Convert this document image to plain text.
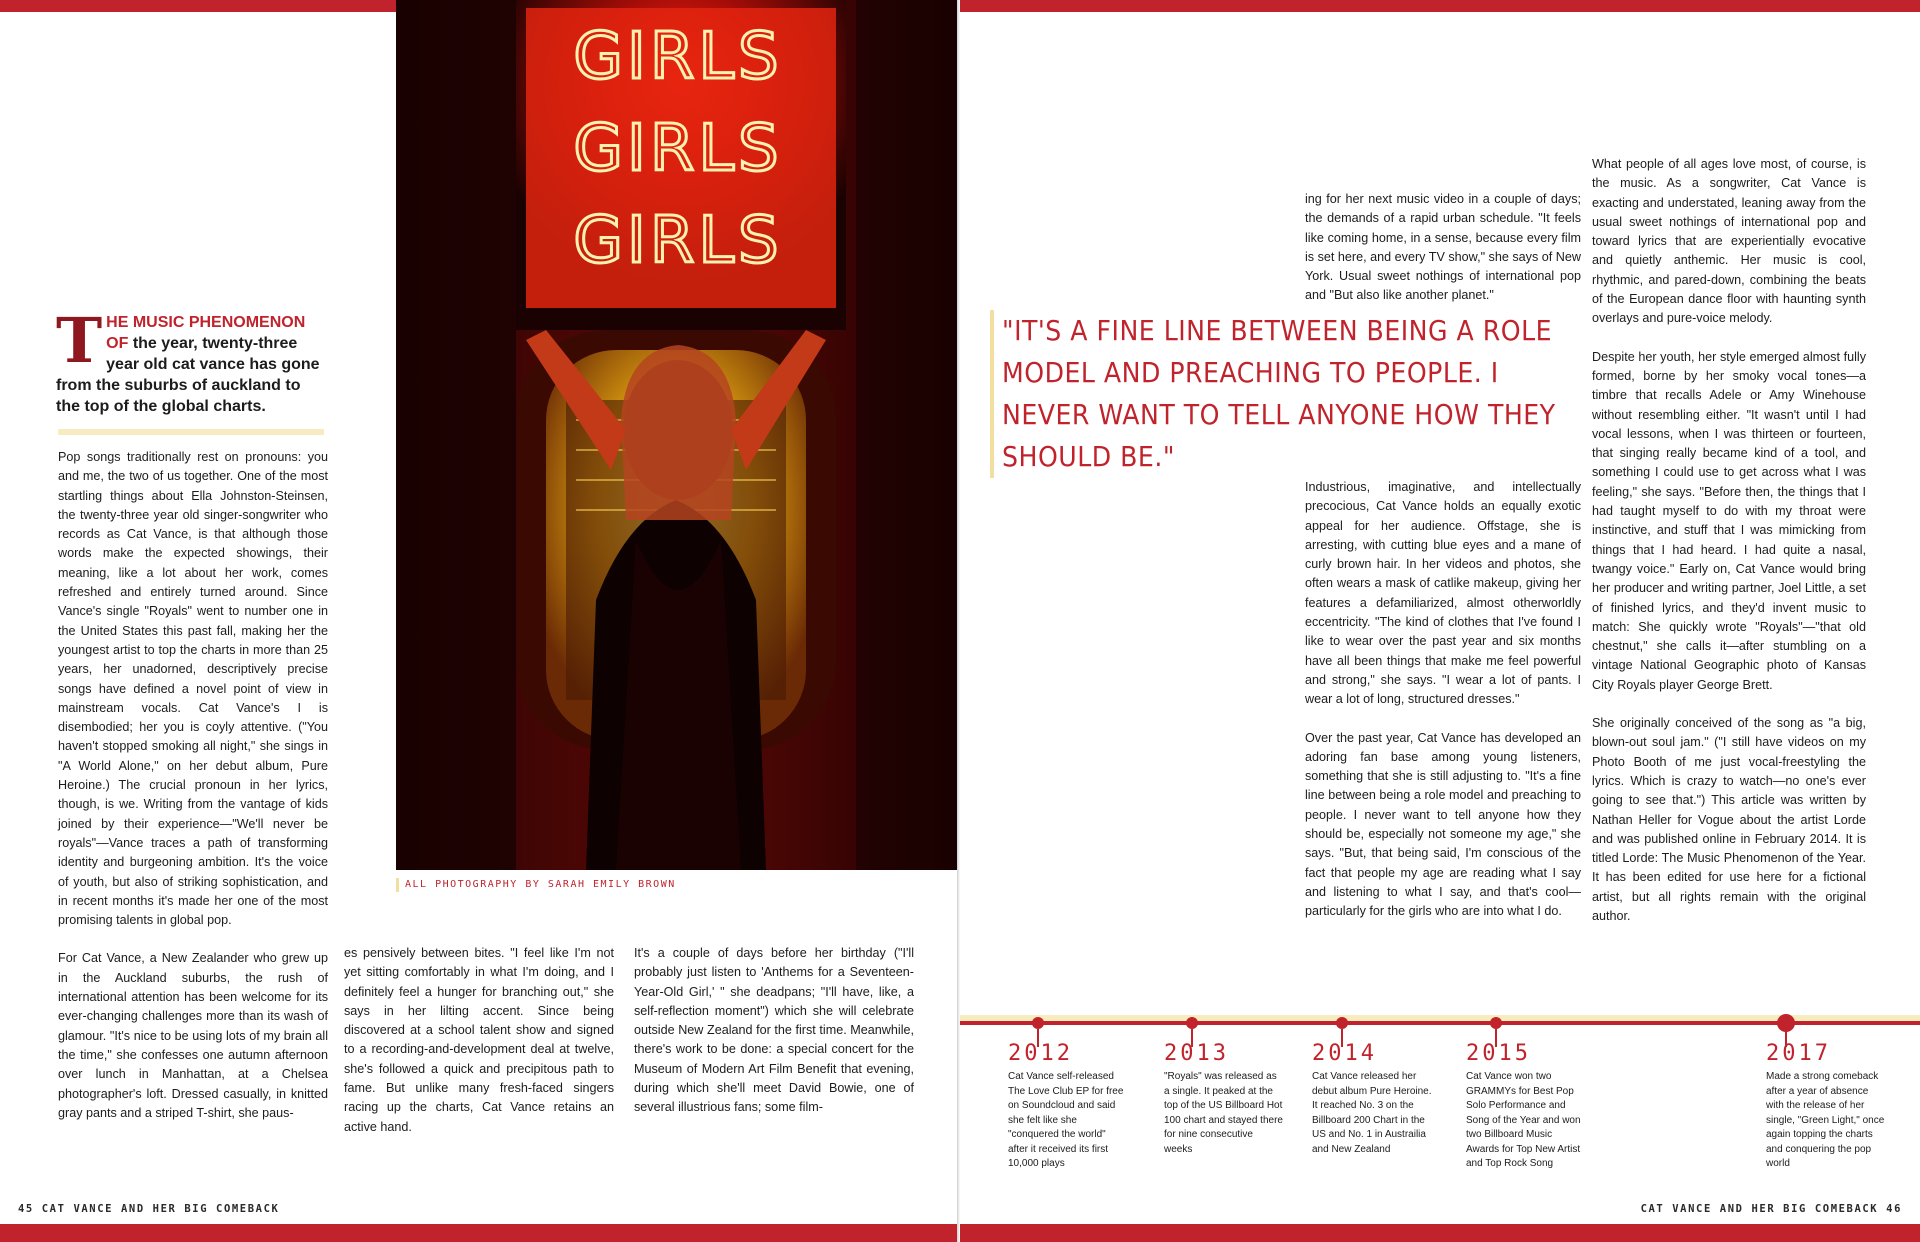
T HE MUSIC PHENOMENON OF the year, twenty-three year old cat vance has gone from the suburbs of auckland to the top of the global charts.

Pop songs traditionally rest on pronouns: you and me, the two of us together. One of the most startling things about Ella Johnston-Steinsen, the twenty-three year old singer-songwriter who records as Cat Vance, is that although those words make the expected showings, their meaning, like a lot about her work, comes refreshed and entirely turned around. Since Vance's single "Royals" went to number one in the United States this past fall, making her the youngest artist to top the charts in more than 25 years, her unadorned, descriptively precise songs have defined a novel point of view in mainstream vocals. Cat Vance's I is disembodied; her you is coyly attentive. ("You haven't stopped smoking all night," she sings in "A World Alone," on her debut album, Pure Heroine.) The crucial pronoun in her lyrics, though, is we. Writing from the vantage of kids joined by their experience—"We'll never be royals"—Vance traces a path of transforming identity and burgeoning ambition. It's the voice of youth, but also of striking sophistication, and in recent months it's made her one of the most promising talents in global pop.

For Cat Vance, a New Zealander who grew up in the Auckland suburbs, the rush of international attention has been welcome for its ever-changing challenges more than its wash of glamour. "It's nice to be using lots of my brain all the time," she confesses one autumn afternoon over lunch in Manhattan, at a Chelsea photographer's loft. Dressed casually, in knitted gray pants and a striped T-shirt, she paus-

GIRLS
GIRLS
GIRLS
ALL PHOTOGRAPHY BY SARAH EMILY BROWN

es pensively between bites. "I feel like I'm not yet sitting comfortably in what I'm doing, and I definitely feel a hunger for branching out," she says in her lilting accent. Since being discovered at a school talent show and signed to a recording-and-development deal at twelve, she's followed a quick and precipitous path to fame. But unlike many fresh-faced singers racing up the charts, Cat Vance retains an active hand.

It's a couple of days before her birthday ("I'll probably just listen to 'Anthems for a Seventeen-Year-Old Girl,' " she deadpans; "I'll have, like, a self-reflection moment") which she will celebrate outside New Zealand for the first time. Meanwhile, there's work to be done: a special concert for the Museum of Modern Art Film Benefit that evening, during which she'll meet David Bowie, one of several illustrious fans; some film-

45 CAT VANCE AND HER BIG COMEBACK

ing for her next music video in a couple of days; the demands of a rapid urban schedule. "It feels like coming home, in a sense, because every film is set here, and every TV show," she says of New York. Usual sweet nothings of international pop and "But also like another planet."

"IT'S A FINE LINE BETWEEN BEING A ROLE MODEL AND PREACHING TO PEOPLE. I NEVER WANT TO TELL ANYONE HOW THEY SHOULD BE."

Industrious, imaginative, and intellectually precocious, Cat Vance holds an equally exotic appeal for her audience. Offstage, she is arresting, with cutting blue eyes and a mane of curly brown hair. In her videos and photos, she often wears a mask of catlike makeup, giving her features a defamiliarized, almost otherworldly eccentricity. "The kind of clothes that I've found I like to wear over the past year and six months have all been things that make me feel powerful and strong," she says. "I wear a lot of pants. I wear a lot of long, structured dresses."

Over the past year, Cat Vance has developed an adoring fan base among young listeners, something that she is still adjusting to. "It's a fine line between being a role model and preaching to people. I never want to tell anyone how they should be, especially not someone my age," she says. "But, that being said, I'm conscious of the fact that people my age are reading what I say and listening to what I say, and that's cool—particularly for the girls who are into what I do.

What people of all ages love most, of course, is the music. As a songwriter, Cat Vance is exacting and understated, leaning away from the usual sweet nothings of international pop and toward lyrics that are experientially evocative and quietly anthemic. Her music is cool, rhythmic, and pared-down, combining the beats of the European dance floor with haunting synth overlays and pure-voice melody.

Despite her youth, her style emerged almost fully formed, borne by her smoky vocal tones—a timbre that recalls Adele or Amy Winehouse without resembling either. "It wasn't until I had vocal lessons, when I was thirteen or fourteen, that singing really became kind of a tool, and something I could use to get across what I was feeling," she says. "Before then, the things that I had taught myself to do with my throat were instinctive, and stuff that I was mimicking from things that I had heard. I had quite a nasal, twangy voice." Early on, Cat Vance would bring her producer and writing partner, Joel Little, a set of finished lyrics, and they'd invent music to match: She quickly wrote "Royals"—"that old chestnut," she calls it—after stumbling on a vintage National Geographic photo of Kansas City Royals player George Brett.

She originally conceived of the song as "a big, blown-out soul jam." ("I still have videos on my Photo Booth of me just vocal-freestyling the lyrics. Which is crazy to watch—no one's ever going to see that.") This article was written by Nathan Heller for Vogue about the artist Lorde and was published online in February 2014. It is titled Lorde: The Music Phenomenon of the Year. It has been edited for use here for a fictional artist, but all rights remain with the original author.

2012
Cat Vance self-released The Love Club EP for free on Soundcloud and said she felt like she "conquered the world" after it received its first 10,000 plays
2013
"Royals" was released as a single. It peaked at the top of the US Billboard Hot 100 chart and stayed there for nine consecutive weeks
2014
Cat Vance released her debut album Pure Heroine. It reached No. 3 on the Billboard 200 Chart in the US and No. 1 in Austrailia and New Zealand
2015
Cat Vance won two GRAMMYs for Best Pop Solo Performance and Song of the Year and won two Billboard Music Awards for Top New Artist and Top Rock Song
2017
Made a strong comeback after a year of absence with the release of her single, "Green Light," once again topping the charts and conquering the pop world
CAT VANCE AND HER BIG COMEBACK 46
